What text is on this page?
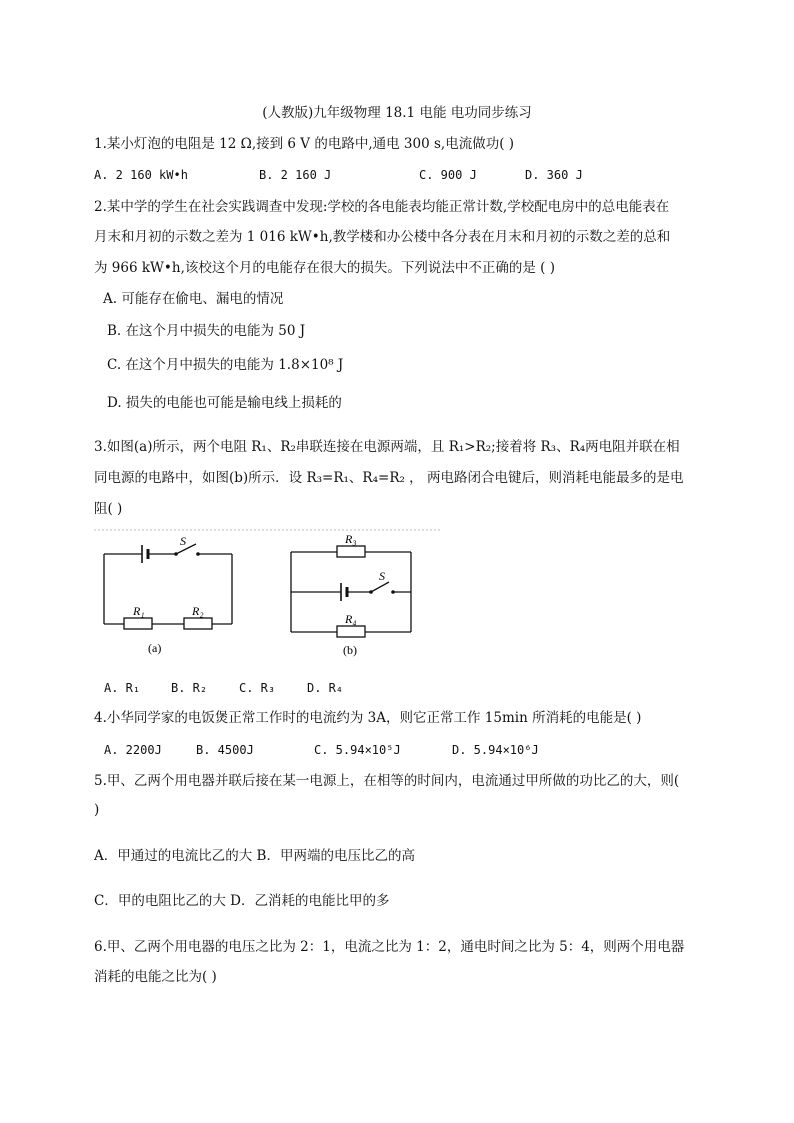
(人教版)九年级物理 18.1 电能 电功同步练习
1.某小灯泡的电阻是 12 Ω,接到 6 V 的电路中,通电 300 s,电流做功( )
A. 2 160 kW•h	B. 2 160 J	C. 900 J	D. 360 J
2.某中学的学生在社会实践调查中发现:学校的各电能表均能正常计数,学校配电房中的总电能表在
月末和月初的示数之差为 1 016 kW•h,教学楼和办公楼中各分表在月末和月初的示数之差的总和
为 966 kW•h,该校这个月的电能存在很大的损失。下列说法中不正确的是 ( )
A. 可能存在偷电、漏电的情况
B. 在这个月中损失的电能为 50 J
C. 在这个月中损失的电能为 1.8×10⁸ J
D. 损失的电能也可能是输电线上损耗的
3.如图(a)所示，两个电阻 R₁、R₂串联连接在电源两端，且 R₁>R₂;接着将 R₃、R₄两电阻并联在相
同电源的电路中，如图(b)所示．设 R₃=R₁、R₄=R₂ ， 两电路闭合电键后，则消耗电能最多的是电
阻( )
S
R₁	R₂
(a)
R₃
S
R₄
(b)
A. R₁	B. R₂	C. R₃	D. R₄
4.小华同学家的电饭煲正常工作时的电流约为 3A，则它正常工作 15min 所消耗的电能是( )
A. 2200J	B. 4500J	C. 5.94×10⁵J	D. 5.94×10⁶J
5.甲、乙两个用电器并联后接在某一电源上，在相等的时间内，电流通过甲所做的功比乙的大，则(
)
A．甲通过的电流比乙的大 B．甲两端的电压比乙的高
C．甲的电阻比乙的大 D．乙消耗的电能比甲的多
6.甲、乙两个用电器的电压之比为 2：1，电流之比为 1：2，通电时间之比为 5：4，则两个用电器
消耗的电能之比为( )
